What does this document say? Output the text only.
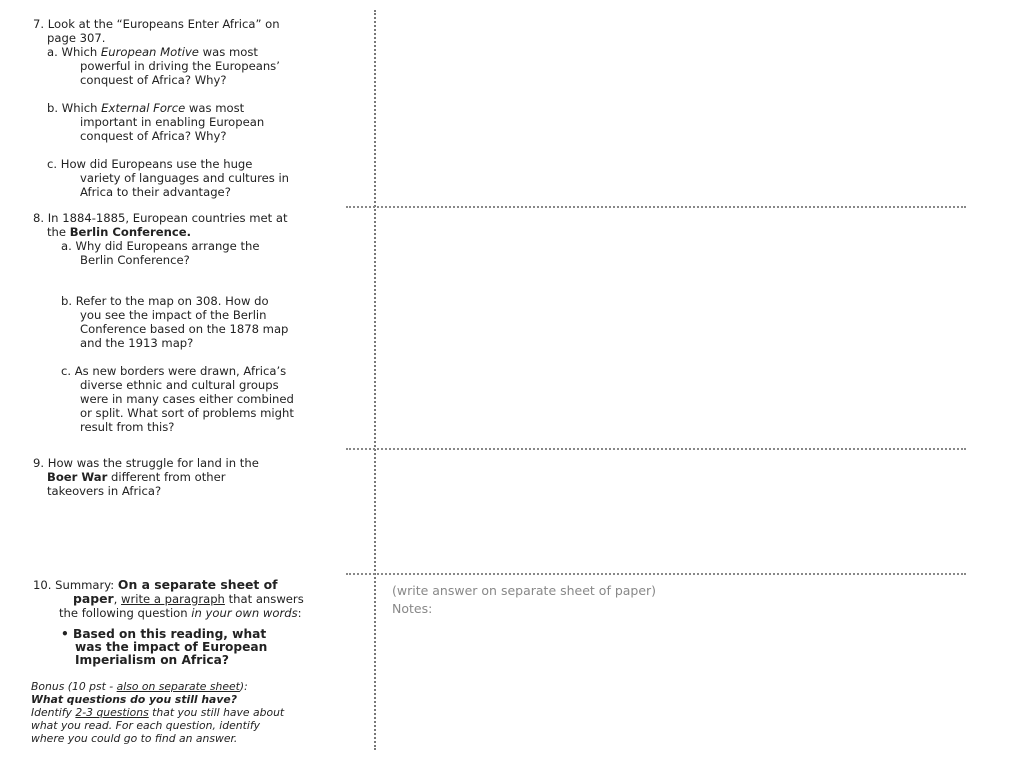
7. Look at the “Europeans Enter Africa” on
page 307.
a. Which European Motive was most
powerful in driving the Europeans’
conquest of Africa? Why?
b. Which External Force was most
important in enabling European
conquest of Africa? Why?
c. How did Europeans use the huge
variety of languages and cultures in
Africa to their advantage?
8. In 1884-1885, European countries met at
the Berlin Conference.
a. Why did Europeans arrange the
Berlin Conference?
b. Refer to the map on 308. How do
you see the impact of the Berlin
Conference based on the 1878 map
and the 1913 map?
c. As new borders were drawn, Africa’s
diverse ethnic and cultural groups
were in many cases either combined
or split. What sort of problems might
result from this?
9. How was the struggle for land in the
Boer War different from other
takeovers in Africa?
10. Summary: On a separate sheet of
paper, write a paragraph that answers
the following question in your own words:
• Based on this reading, what
was the impact of European
Imperialism on Africa?
Bonus (10 pst - also on separate sheet):
What questions do you still have?
Identify 2-3 questions that you still have about
what you read. For each question, identify
where you could go to find an answer.
(write answer on separate sheet of paper)
Notes:
